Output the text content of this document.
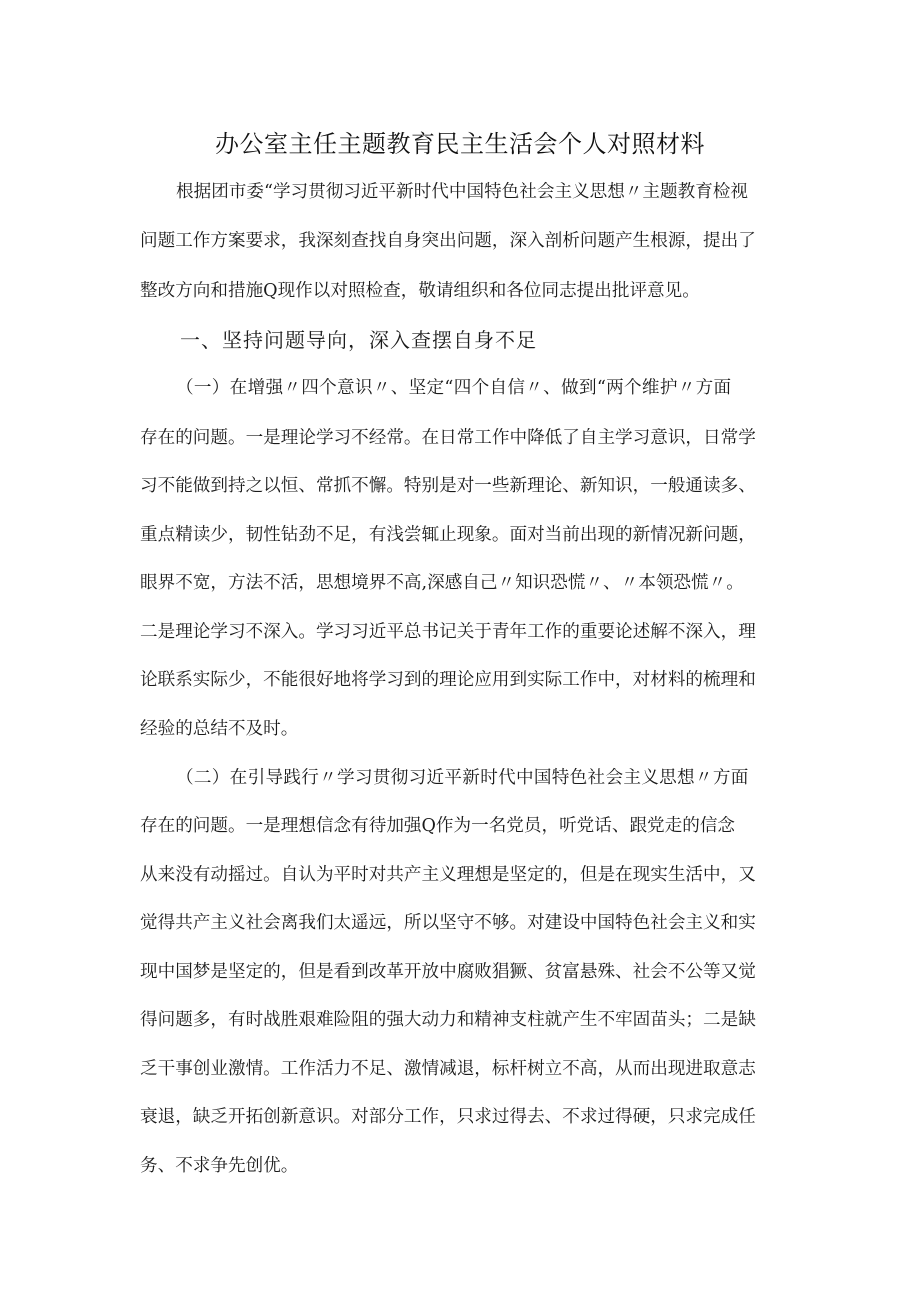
办公室主任主题教育民主生活会个人对照材料

根据团市委“学习贯彻习近平新时代中国特色社会主义思想〃主题教育检视

问题工作方案要求，我深刻查找自身突出问题，深入剖析问题产生根源，提出了

整改方向和措施Q现作以对照检查，敬请组织和各位同志提出批评意见。

一、坚持问题导向，深入查摆自身不足

（一）在增强〃四个意识〃、坚定“四个自信〃、做到“两个维护〃方面

存在的问题。一是理论学习不经常。在日常工作中降低了自主学习意识，日常学

习不能做到持之以恒、常抓不懈。特别是对一些新理论、新知识，一般通读多、

重点精读少，韧性钻劲不足，有浅尝辄止现象。面对当前出现的新情况新问题，

眼界不宽，方法不活，思想境界不高,深感自己〃知识恐慌〃、〃本领恐慌〃。

二是理论学习不深入。学习习近平总书记关于青年工作的重要论述解不深入，理

论联系实际少，不能很好地将学习到的理论应用到实际工作中，对材料的梳理和

经验的总结不及时。

（二）在引导践行〃学习贯彻习近平新时代中国特色社会主义思想〃方面

存在的问题。一是理想信念有待加强Q作为一名党员，听党话、跟党走的信念

从来没有动摇过。自认为平时对共产主义理想是坚定的，但是在现实生活中，又

觉得共产主义社会离我们太遥远，所以坚守不够。对建设中国特色社会主义和实

现中国梦是坚定的，但是看到改革开放中腐败猖獗、贫富悬殊、社会不公等又觉

得问题多，有时战胜艰难险阻的强大动力和精神支柱就产生不牢固苗头；二是缺

乏干事创业激情。工作活力不足、激情减退，标杆树立不高，从而出现进取意志

衰退，缺乏开拓创新意识。对部分工作，只求过得去、不求过得硬，只求完成任

务、不求争先创优。
